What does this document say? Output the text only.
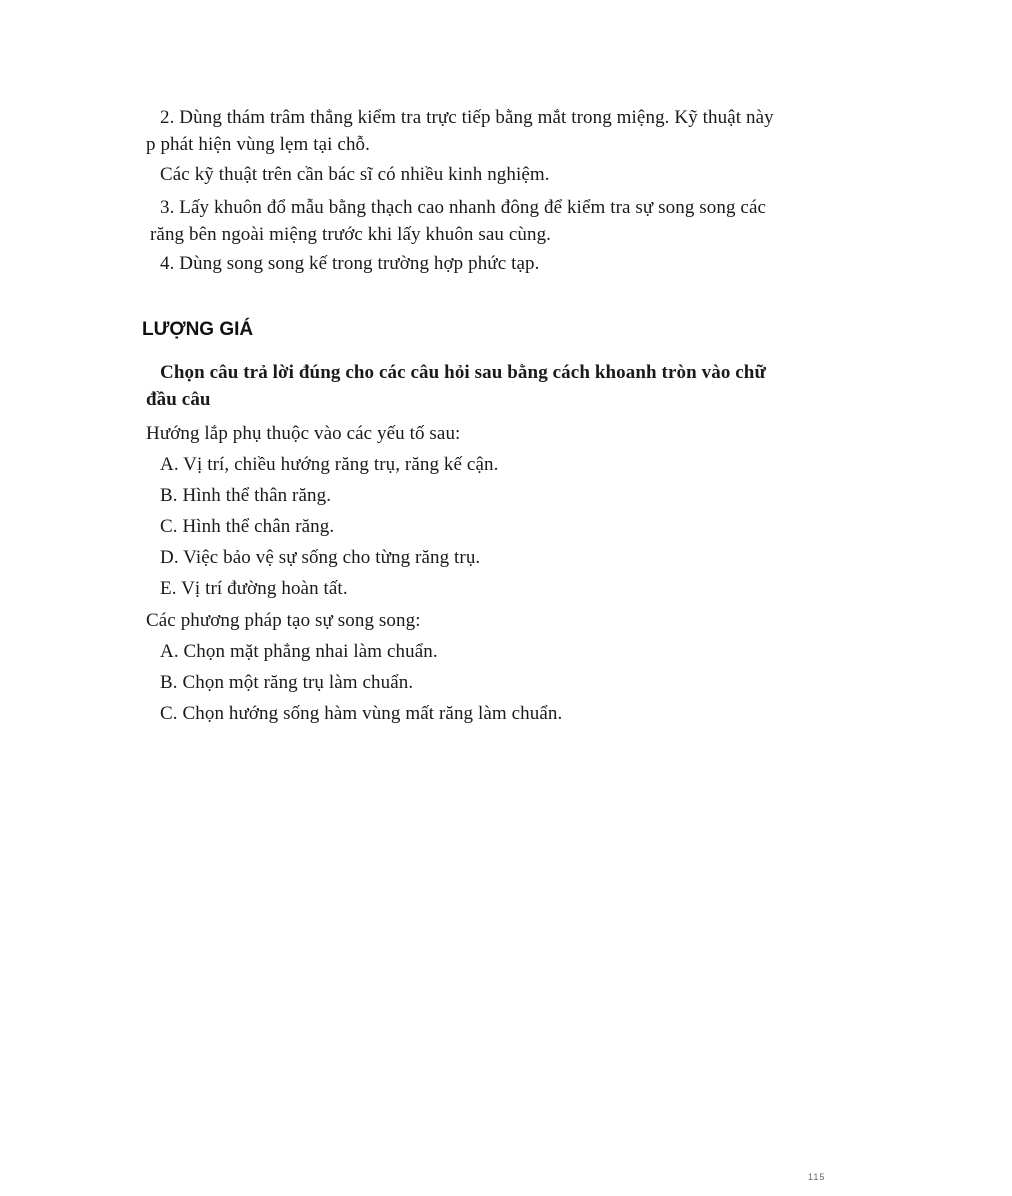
2. Dùng thám trâm thẳng kiểm tra trực tiếp bằng mắt trong miệng. Kỹ thuật này
p phát hiện vùng lẹm tại chỗ.
Các kỹ thuật trên cần bác sĩ có nhiều kinh nghiệm.
3. Lấy khuôn đổ mẫu bằng thạch cao nhanh đông để kiểm tra sự song song các
răng bên ngoài miệng trước khi lấy khuôn sau cùng.
4. Dùng song song kế trong trường hợp phức tạp.
LƯỢNG GIÁ
Chọn câu trả lời đúng cho các câu hỏi sau bằng cách khoanh tròn vào chữ
đầu câu
Hướng lắp phụ thuộc vào các yếu tố sau:
A. Vị trí, chiều hướng răng trụ, răng kế cận.
B. Hình thể thân răng.
C. Hình thể chân răng.
D. Việc bảo vệ sự sống cho từng răng trụ.
E. Vị trí đường hoàn tất.
Các phương pháp tạo sự song song:
A. Chọn mặt phẳng nhai làm chuẩn.
B. Chọn một răng trụ làm chuẩn.
C. Chọn hướng sống hàm vùng mất răng làm chuẩn.
115
